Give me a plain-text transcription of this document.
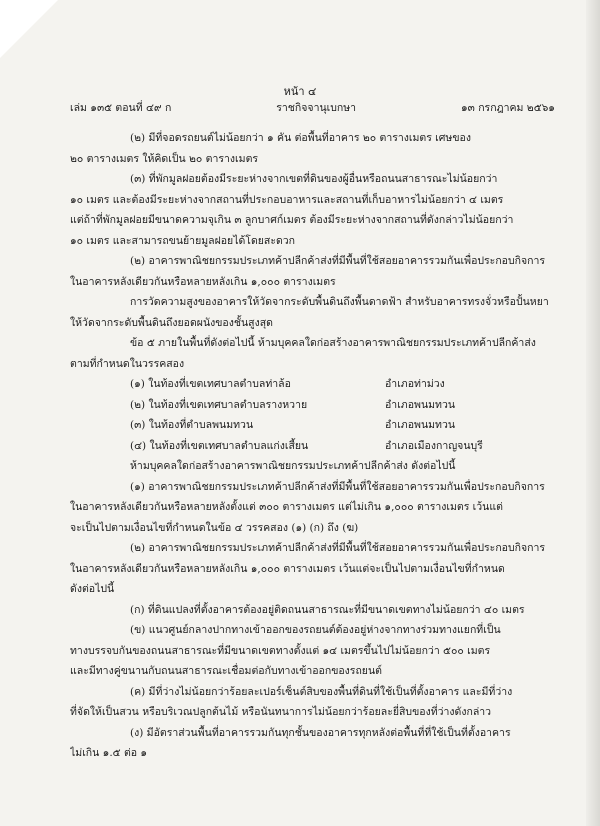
หน้า ๔
เล่ม ๑๓๕ ตอนที่ ๔๙ ก	ราชกิจจานุเบกษา	๑๓ กรกฎาคม ๒๕๖๑

(๒) มีที่จอดรถยนต์ไม่น้อยกว่า ๑ คัน ต่อพื้นที่อาคาร ๒๐ ตารางเมตร เศษของ

๒๐ ตารางเมตร ให้คิดเป็น ๒๐ ตารางเมตร

(๓) ที่พักมูลฝอยต้องมีระยะห่างจากเขตที่ดินของผู้อื่นหรือถนนสาธารณะไม่น้อยกว่า

๑๐ เมตร และต้องมีระยะห่างจากสถานที่ประกอบอาหารและสถานที่เก็บอาหารไม่น้อยกว่า ๔ เมตร

แต่ถ้าที่พักมูลฝอยมีขนาดความจุเกิน ๓ ลูกบาศก์เมตร ต้องมีระยะห่างจากสถานที่ดังกล่าวไม่น้อยกว่า

๑๐ เมตร และสามารถขนย้ายมูลฝอยได้โดยสะดวก

(๒) อาคารพาณิชยกรรมประเภทค้าปลีกค้าส่งที่มีพื้นที่ใช้สอยอาคารรวมกันเพื่อประกอบกิจการ

ในอาคารหลังเดียวกันหรือหลายหลังเกิน ๑,๐๐๐ ตารางเมตร

การวัดความสูงของอาคารให้วัดจากระดับพื้นดินถึงพื้นดาดฟ้า สำหรับอาคารทรงจั่วหรือปั้นหยา

ให้วัดจากระดับพื้นดินถึงยอดผนังของชั้นสูงสุด

ข้อ ๕ ภายในพื้นที่ดังต่อไปนี้ ห้ามบุคคลใดก่อสร้างอาคารพาณิชยกรรมประเภทค้าปลีกค้าส่ง

ตามที่กำหนดในวรรคสอง

(๑) ในท้องที่เขตเทศบาลตำบลท่าล้อ	อำเภอท่าม่วง
(๒) ในท้องที่เขตเทศบาลตำบลรางหวาย	อำเภอพนมทวน
(๓) ในท้องที่ตำบลพนมทวน	อำเภอพนมทวน
(๔) ในท้องที่เขตเทศบาลตำบลแก่งเสี้ยน	อำเภอเมืองกาญจนบุรี

ห้ามบุคคลใดก่อสร้างอาคารพาณิชยกรรมประเภทค้าปลีกค้าส่ง ดังต่อไปนี้

(๑) อาคารพาณิชยกรรมประเภทค้าปลีกค้าส่งที่มีพื้นที่ใช้สอยอาคารรวมกันเพื่อประกอบกิจการ

ในอาคารหลังเดียวกันหรือหลายหลังตั้งแต่ ๓๐๐ ตารางเมตร แต่ไม่เกิน ๑,๐๐๐ ตารางเมตร เว้นแต่

จะเป็นไปตามเงื่อนไขที่กำหนดในข้อ ๔ วรรคสอง (๑) (ก) ถึง (ฆ)

(๒) อาคารพาณิชยกรรมประเภทค้าปลีกค้าส่งที่มีพื้นที่ใช้สอยอาคารรวมกันเพื่อประกอบกิจการ

ในอาคารหลังเดียวกันหรือหลายหลังเกิน ๑,๐๐๐ ตารางเมตร เว้นแต่จะเป็นไปตามเงื่อนไขที่กำหนด

ดังต่อไปนี้

(ก) ที่ดินแปลงที่ตั้งอาคารต้องอยู่ติดถนนสาธารณะที่มีขนาดเขตทางไม่น้อยกว่า ๔๐ เมตร

(ข) แนวศูนย์กลางปากทางเข้าออกของรถยนต์ต้องอยู่ห่างจากทางร่วมทางแยกที่เป็น

ทางบรรจบกันของถนนสาธารณะที่มีขนาดเขตทางตั้งแต่ ๑๔ เมตรขึ้นไปไม่น้อยกว่า ๕๐๐ เมตร

และมีทางคู่ขนานกับถนนสาธารณะเชื่อมต่อกับทางเข้าออกของรถยนต์

(ค) มีที่ว่างไม่น้อยกว่าร้อยละเปอร์เซ็นต์สิบของพื้นที่ดินที่ใช้เป็นที่ตั้งอาคาร และมีที่ว่าง

ที่จัดให้เป็นสวน หรือบริเวณปลูกต้นไม้ หรือนันทนาการไม่น้อยกว่าร้อยละยี่สิบของที่ว่างดังกล่าว

(ง) มีอัตราส่วนพื้นที่อาคารรวมกันทุกชั้นของอาคารทุกหลังต่อพื้นที่ที่ใช้เป็นที่ตั้งอาคาร

ไม่เกิน ๑.๕ ต่อ ๑
